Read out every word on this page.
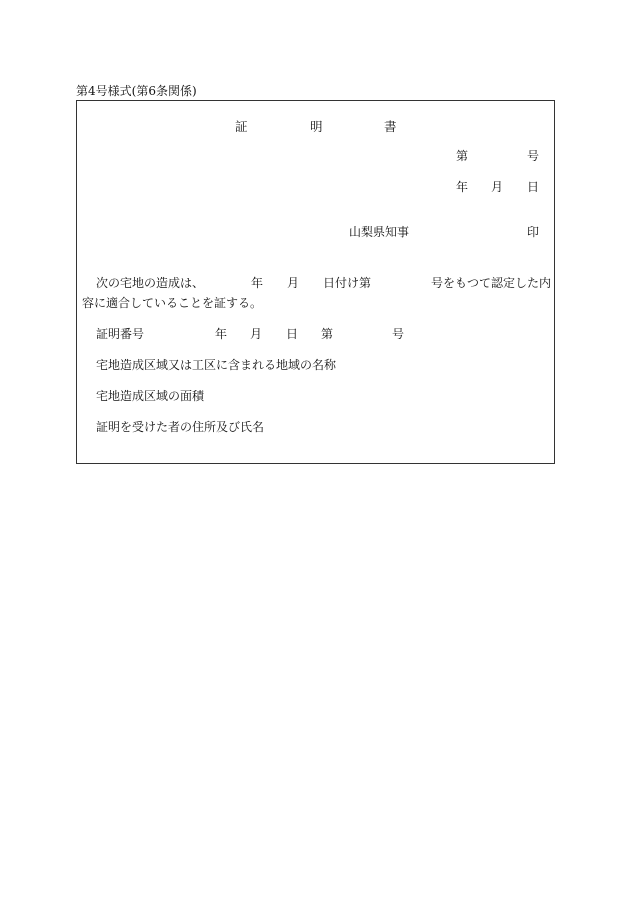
第4号様式(第6条関係)
証	明	書
第	号
年 月 日
山梨県知事	印
次の宅地の造成は、	年 月 日付け第	号をもつて認定した内
容に適合していることを証する。
証明番号	年 月 日 第	号
宅地造成区域又は工区に含まれる地域の名称
宅地造成区域の面積
証明を受けた者の住所及び氏名
